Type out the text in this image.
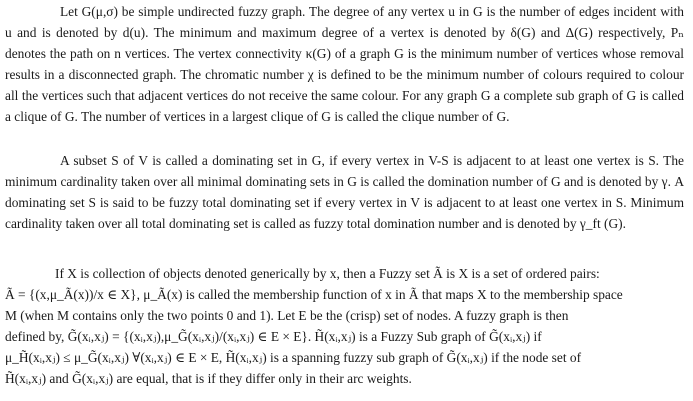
Let G(μ,σ) be simple undirected fuzzy graph. The degree of any vertex u in G is the number of edges incident with u and is denoted by d(u). The minimum and maximum degree of a vertex is denoted by δ(G) and Δ(G) respectively, Pₙ denotes the path on n vertices. The vertex connectivity κ(G) of a graph G is the minimum number of vertices whose removal results in a disconnected graph. The chromatic number χ is defined to be the minimum number of colours required to colour all the vertices such that adjacent vertices do not receive the same colour. For any graph G a complete sub graph of G is called a clique of G. The number of vertices in a largest clique of G is called the clique number of G.

A subset S of V is called a dominating set in G, if every vertex in V-S is adjacent to at least one vertex is S. The minimum cardinality taken over all minimal dominating sets in G is called the domination number of G and is denoted by γ. A dominating set S is said to be fuzzy total dominating set if every vertex in V is adjacent to at least one vertex in S. Minimum cardinality taken over all total dominating set is called as fuzzy total domination number and is denoted by γ_ft (G).

If X is collection of objects denoted generically by x, then a Fuzzy set Ã is X is a set of ordered pairs:
Ã = {(x,μ_Ã(x))/x ∈ X}, μ_Ã(x) is called the membership function of x in Ã that maps X to the membership space
M (when M contains only the two points 0 and 1). Let E be the (crisp) set of nodes. A fuzzy graph is then
defined by, G̃(xᵢ,xⱼ) = {(xᵢ,xⱼ),μ_G̃(xᵢ,xⱼ)/(xᵢ,xⱼ) ∈ E × E}. H̃(xᵢ,xⱼ) is a Fuzzy Sub graph of G̃(xᵢ,xⱼ) if
μ_H̃(xᵢ,xⱼ) ≤ μ_G̃(xᵢ,xⱼ) ∀(xᵢ,xⱼ) ∈ E × E, H̃(xᵢ,xⱼ) is a spanning fuzzy sub graph of G̃(xᵢ,xⱼ) if the node set of
H̃(xᵢ,xⱼ) and G̃(xᵢ,xⱼ) are equal, that is if they differ only in their arc weights.
